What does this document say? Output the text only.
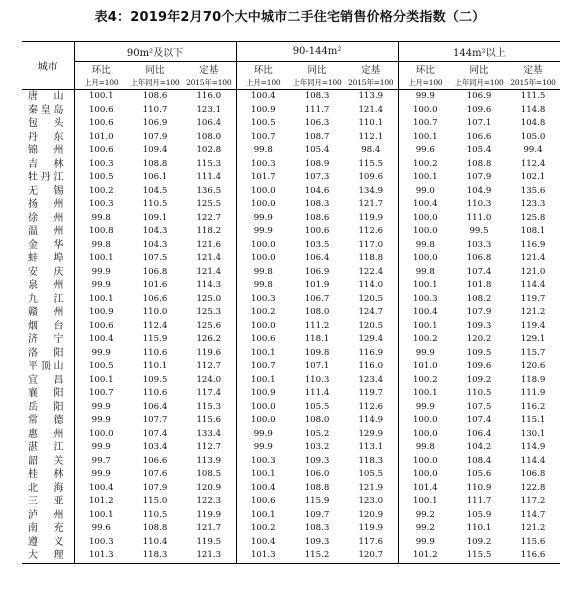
表4：2019年2月70个大中城市二手住宅销售价格分类指数（二）
城市	90m²及以下			90-144m²			144m²以上		
	环比	同比	定基	环比	同比	定基	环比	同比	定基
	上月=100	上年同月=100	2015年=100	上月=100	上年同月=100	2015年=100	上月=100	上年同月=100	2015年=100
唐山	100.1	108.6	116.0	100.4	108.3	113.9	99.9	106.9	111.5
秦皇岛	100.6	110.7	123.1	100.9	111.7	121.4	100.0	109.6	114.8
包头	100.6	106.9	106.4	100.5	106.3	110.1	100.7	107.1	104.8
丹东	101.0	107.9	108.0	100.7	108.7	112.1	100.1	106.6	105.0
锦州	100.6	109.4	102.8	99.8	105.4	98.4	99.6	105.4	99.4
吉林	100.3	108.8	115.3	100.3	108.9	115.5	100.2	108.8	112.4
牡丹江	100.5	106.1	111.4	101.7	107.3	109.6	100.1	107.9	102.1
无锡	100.2	104.5	136.5	100.0	104.6	134.9	99.0	104.9	135.6
扬州	100.3	110.5	125.5	100.0	108.3	121.7	100.4	110.3	123.3
徐州	99.8	109.1	122.7	99.9	108.6	119.9	100.0	111.0	125.8
温州	100.8	104.3	118.2	99.9	100.6	112.6	100.0	99.5	108.1
金华	99.8	104.3	121.6	100.0	103.5	117.0	99.8	103.3	116.9
蚌埠	100.1	107.5	121.4	100.0	106.4	118.8	100.0	106.8	121.4
安庆	99.9	106.8	121.4	99.8	106.9	122.4	99.8	107.4	121.0
泉州	99.9	101.6	114.3	99.8	101.9	114.0	100.1	101.8	114.4
九江	100.1	106.6	125.0	100.3	106.7	120.5	100.3	108.2	119.7
赣州	100.9	110.0	125.3	100.2	108.0	124.7	100.4	107.9	121.2
烟台	100.6	112.4	125.6	100.0	111.2	120.5	100.1	109.3	119.4
济宁	100.4	115.9	126.2	100.6	118.1	129.4	100.2	120.2	129.1
洛阳	99.9	110.6	119.6	100.1	109.8	116.9	99.9	109.5	115.7
平顶山	100.5	110.1	112.7	100.7	107.1	116.0	101.0	109.6	120.6
宜昌	100.1	109.5	124.0	100.1	110.3	123.4	100.2	109.2	118.9
襄阳	100.7	110.6	117.4	100.9	111.4	119.7	100.1	110.5	111.9
岳阳	99.9	106.4	115.3	100.0	105.5	112.6	99.9	107.5	116.2
常德	99.9	107.7	115.6	100.0	108.0	114.9	100.0	107.4	115.1
惠州	100.0	107.4	133.4	99.9	105.2	129.9	100.0	106.4	130.1
湛江	99.9	103.4	112.7	99.9	103.2	113.1	99.8	104.2	114.9
韶关	99.7	106.6	113.9	100.3	109.3	118.3	100.0	108.4	114.4
桂林	99.9	107.6	108.5	100.1	106.0	105.5	100.0	105.6	106.8
北海	100.4	107.9	120.9	100.4	108.8	121.9	101.4	110.9	122.8
三亚	101.2	115.0	122.3	100.6	115.9	123.0	100.1	111.7	117.2
泸州	100.1	110.5	119.9	100.1	109.7	120.9	99.2	105.9	114.7
南充	99.6	108.8	121.7	100.2	108.3	119.9	99.2	110.1	121.2
遵义	100.3	110.4	119.5	100.4	109.3	117.6	99.9	109.2	115.6
大理	101.3	118.3	121.3	101.3	115.2	120.7	101.2	115.5	116.6
